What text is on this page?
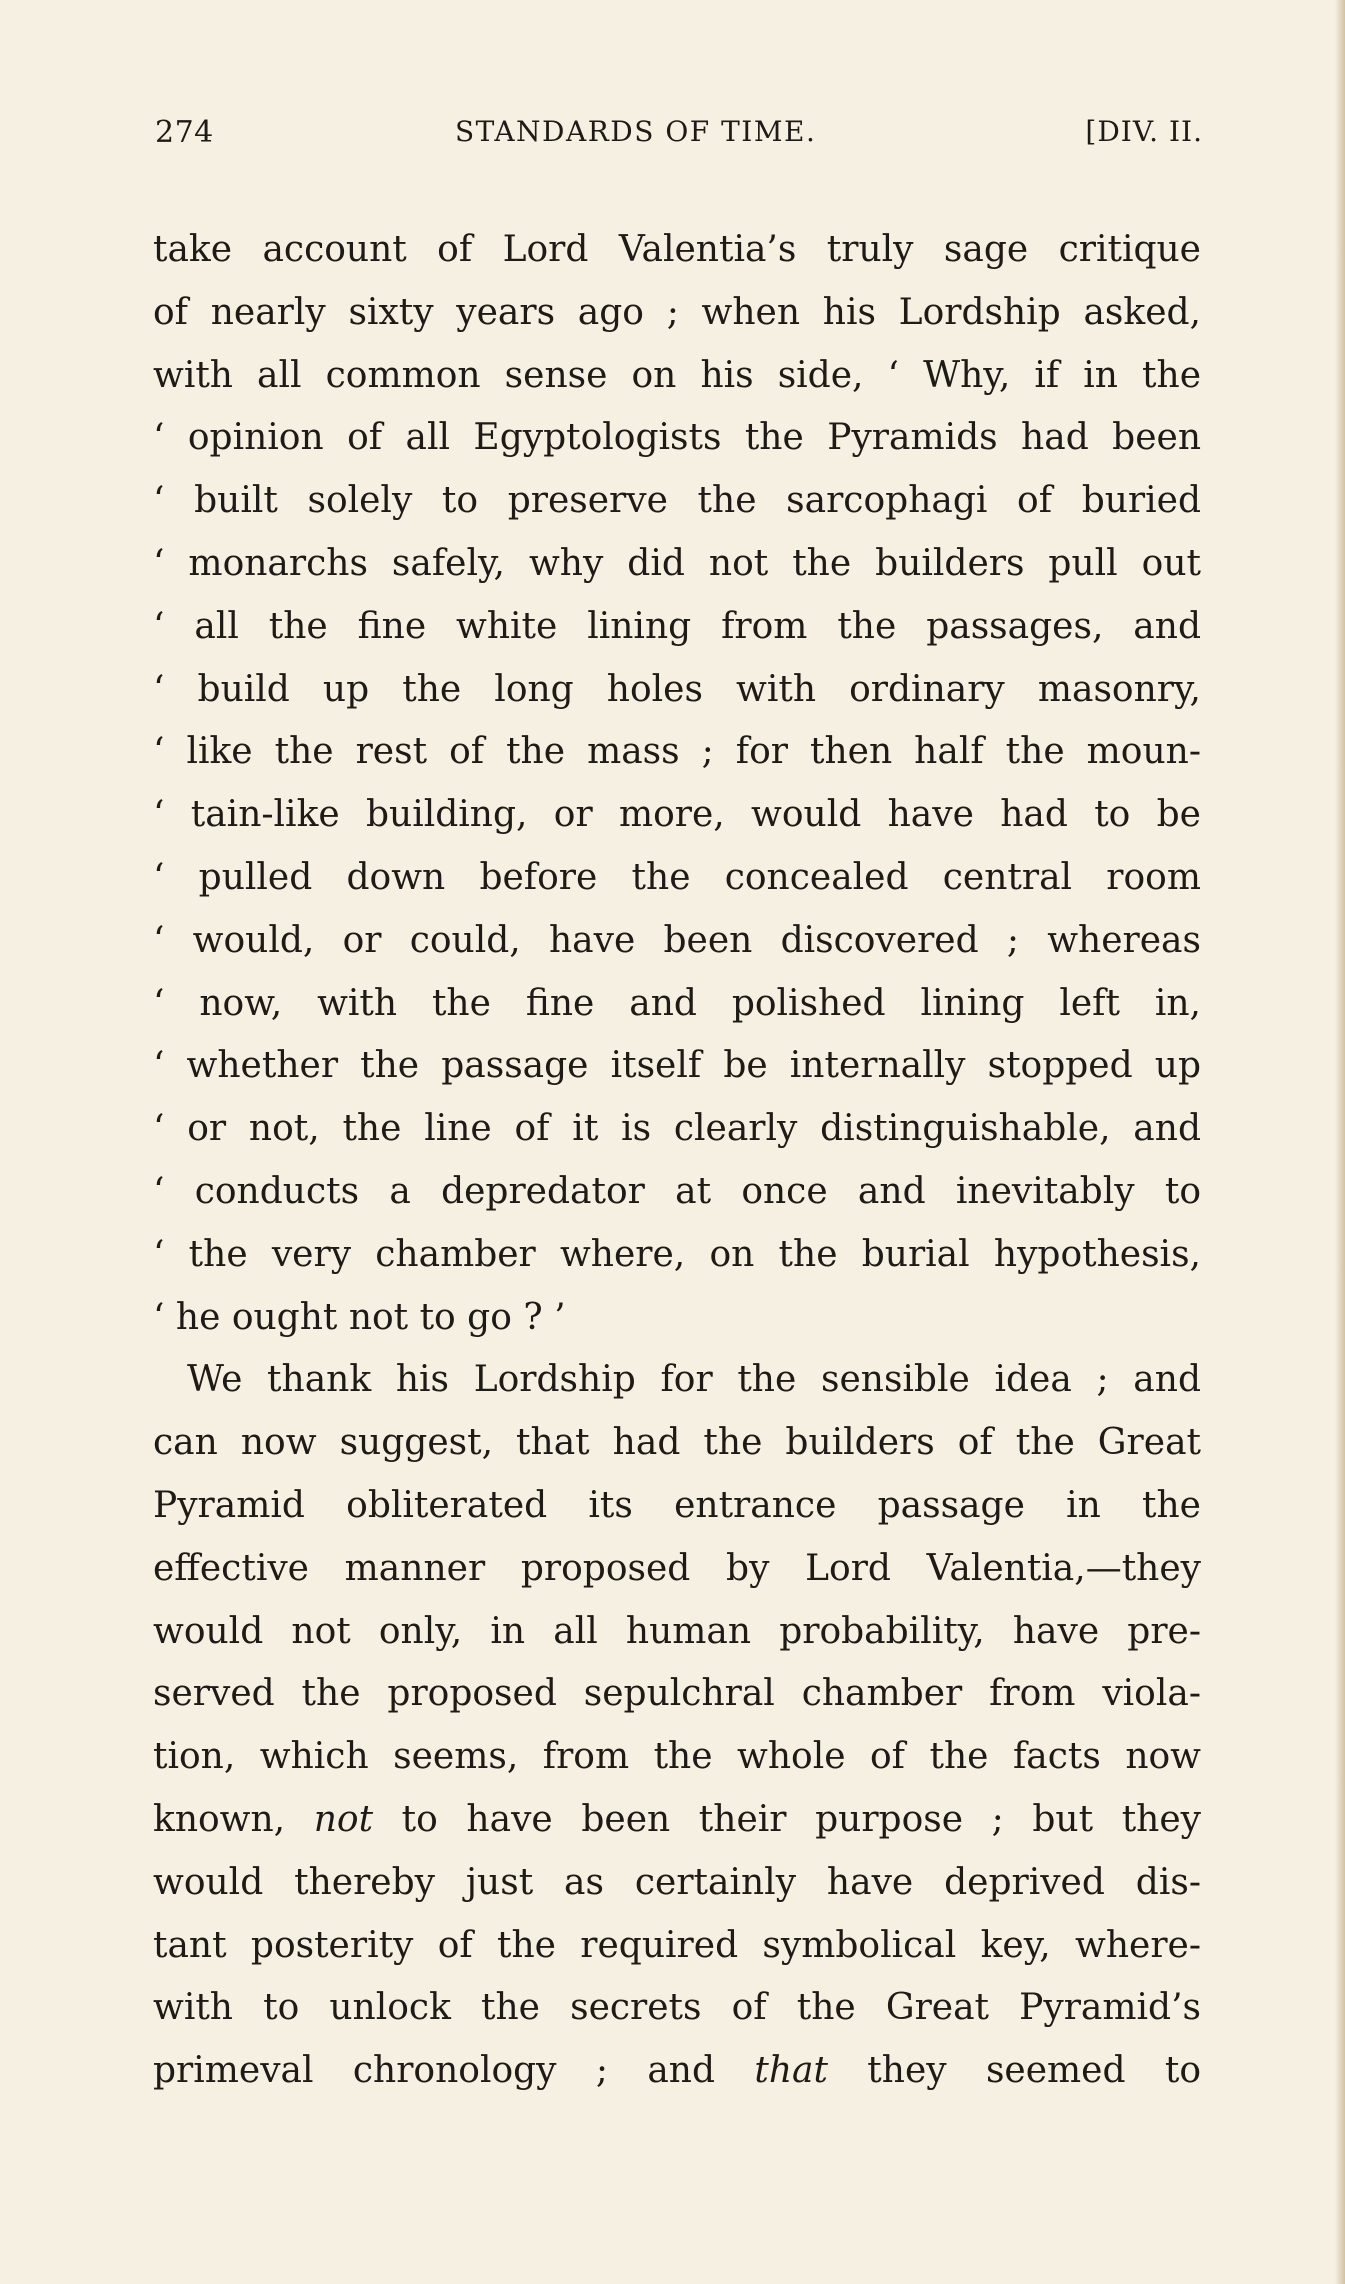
274	STANDARDS OF TIME.	[DIV. II.
take account of Lord Valentia’s truly sage critique
of nearly sixty years ago ; when his Lordship asked,
with all common sense on his side, ‘ Why, if in the
‘ opinion of all Egyptologists the Pyramids had been
‘ built solely to preserve the sarcophagi of buried
‘ monarchs safely, why did not the builders pull out
‘ all the fine white lining from the passages, and
‘ build up the long holes with ordinary masonry,
‘ like the rest of the mass ; for then half the moun-
‘ tain-like building, or more, would have had to be
‘ pulled down before the concealed central room
‘ would, or could, have been discovered ; whereas
‘ now, with the fine and polished lining left in,
‘ whether the passage itself be internally stopped up
‘ or not, the line of it is clearly distinguishable, and
‘ conducts a depredator at once and inevitably to
‘ the very chamber where, on the burial hypothesis,
‘ he ought not to go ? ’
We thank his Lordship for the sensible idea ; and
can now suggest, that had the builders of the Great
Pyramid obliterated its entrance passage in the
effective manner proposed by Lord Valentia,—they
would not only, in all human probability, have pre-
served the proposed sepulchral chamber from viola-
tion, which seems, from the whole of the facts now
known, not to have been their purpose ; but they
would thereby just as certainly have deprived dis-
tant posterity of the required symbolical key, where-
with to unlock the secrets of the Great Pyramid’s
primeval chronology ; and that they seemed to
